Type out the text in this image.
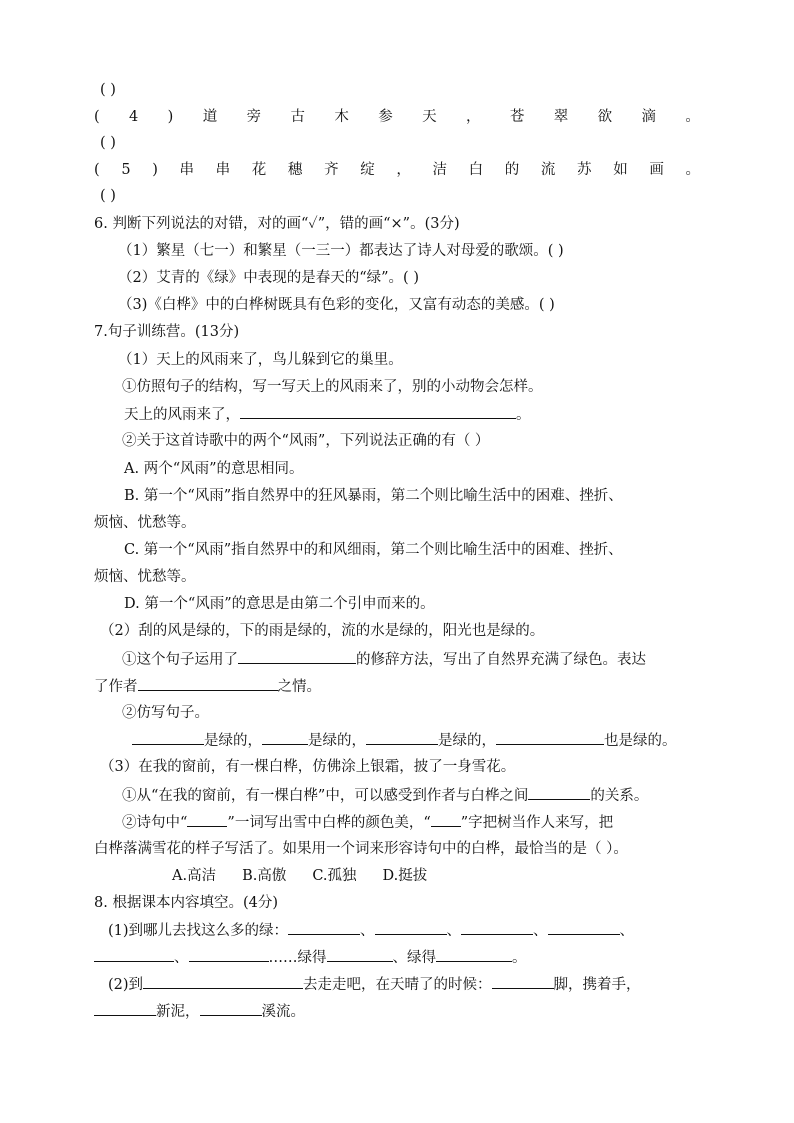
( )
( 4 ) 道 旁 古 木 参 天 ， 苍 翠 欲 滴 。
( )
( 5 ) 串 串 花 穗 齐 绽 ， 洁 白 的 流 苏 如 画 。
( )
6. 判断下列说法的对错，对的画“✓”，错的画“×”。(3分)
（1）繁星（七一）和繁星（一三一）都表达了诗人对母爱的歌颂。( )
（2）艾青的《绿》中表现的是春天的“绿”。( )
（3)《白桦》中的白桦树既具有色彩的变化，又富有动态的美感。( )
7.句子训练营。(13分)
（1）天上的风雨来了，鸟儿躲到它的巢里。
①仿照句子的结构，写一写天上的风雨来了，别的小动物会怎样。
天上的风雨来了，	。
②关于这首诗歌中的两个“风雨”，下列说法正确的有（ ）
A. 两个“风雨”的意思相同。
B. 第一个“风雨”指自然界中的狂风暴雨，第二个则比喻生活中的困难、挫折、
烦恼、忧愁等。
C. 第一个“风雨”指自然界中的和风细雨，第二个则比喻生活中的困难、挫折、
烦恼、忧愁等。
D. 第一个“风雨”的意思是由第二个引申而来的。
（2）刮的风是绿的，下的雨是绿的，流的水是绿的，阳光也是绿的。
①这个句子运用了	的修辞方法，写出了自然界充满了绿色。表达
了作者	之情。
②仿写句子。
是绿的，	是绿的，	是绿的，	也是绿的。
（3）在我的窗前，有一棵白桦，仿佛涂上银霜，披了一身雪花。
①从“在我的窗前，有一棵白桦”中，可以感受到作者与白桦之间	的关系。
②诗句中“	”一词写出雪中白桦的颜色美，“ ”字把树当作人来写，把
白桦落满雪花的样子写活了。如果用一个词来形容诗句中的白桦，最恰当的是（ ）。
A.高洁 B.高傲 C.孤独 D.挺拔
8. 根据课本内容填空。(4分)
(1)到哪儿去找这么多的绿：	、	、	、	、
、	……绿得	、绿得	。
(2)到	去走走吧，在天晴了的时候：	脚，携着手，
新泥，	溪流。
